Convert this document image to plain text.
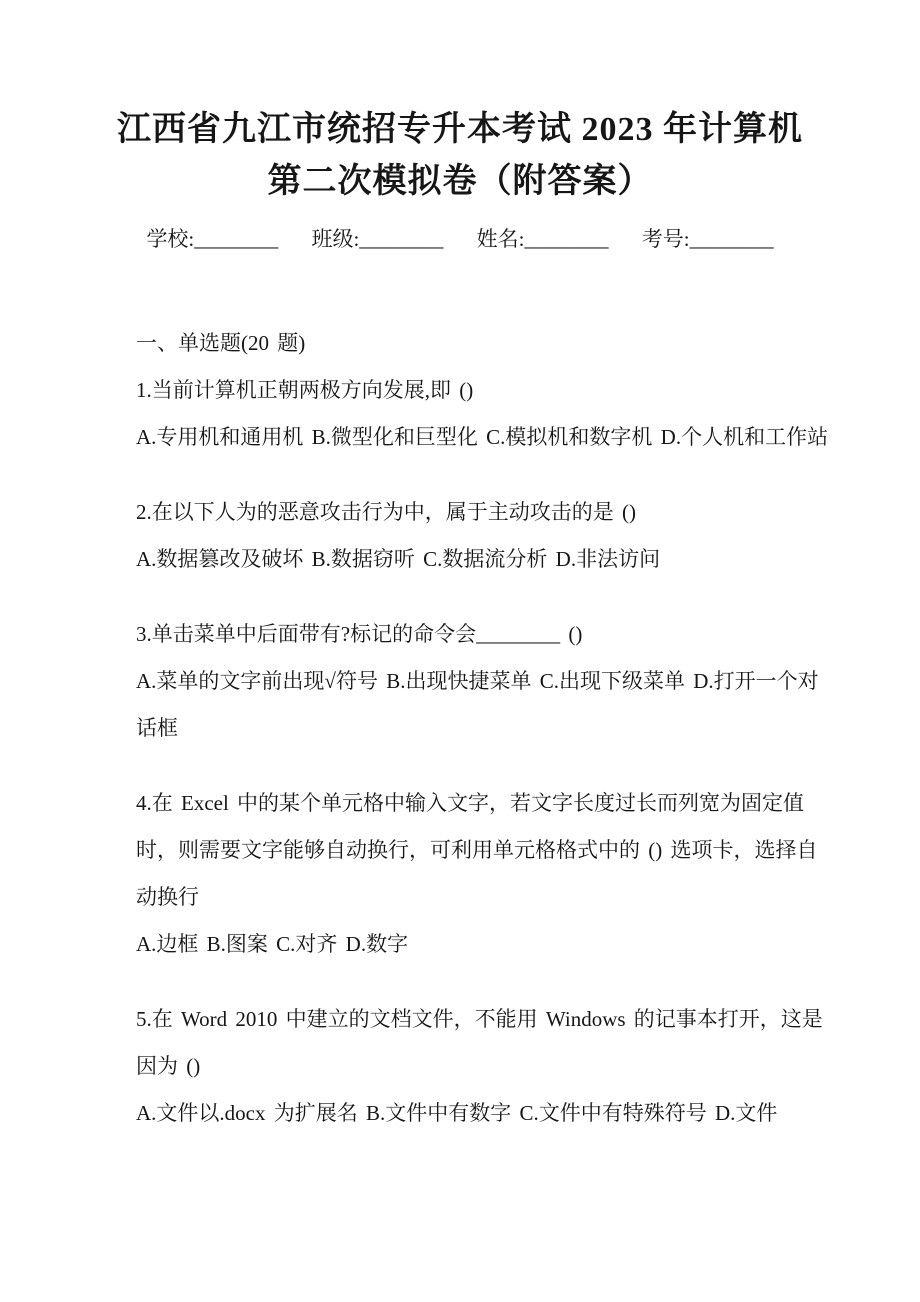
江西省九江市统招专升本考试 2023 年计算机第二次模拟卷（附答案）
学校:________ 班级:________ 姓名:________ 考号:________
一、单选题(20 题)

1.当前计算机正朝两极方向发展,即 ()

A.专用机和通用机 B.微型化和巨型化 C.模拟机和数字机 D.个人机和工作站

2.在以下人为的恶意攻击行为中，属于主动攻击的是 ()

A.数据篡改及破坏 B.数据窃听 C.数据流分析 D.非法访问

3.单击菜单中后面带有?标记的命令会________ ()

A.菜单的文字前出现√符号 B.出现快捷菜单 C.出现下级菜单 D.打开一个对话框

4.在 Excel 中的某个单元格中输入文字，若文字长度过长而列宽为固定值时，则需要文字能够自动换行，可利用单元格格式中的 () 选项卡，选择自动换行

A.边框 B.图案 C.对齐 D.数字

5.在 Word 2010 中建立的文档文件，不能用 Windows 的记事本打开，这是因为 ()

A.文件以.docx 为扩展名 B.文件中有数字 C.文件中有特殊符号 D.文件
